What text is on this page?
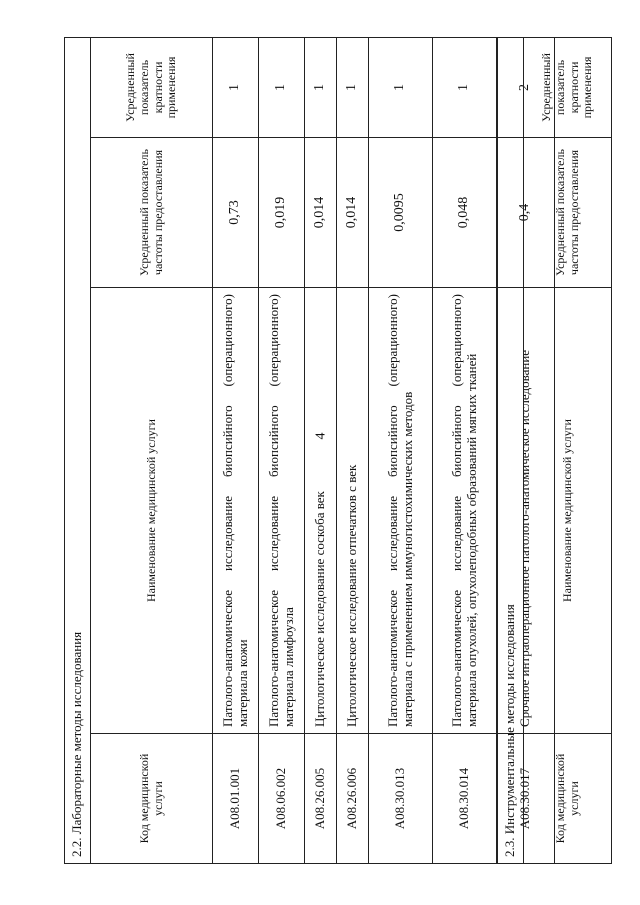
4
2.2. Лабораторные методы исследования			
Код медицинской услуги	Наименование медицинской услуги	Усредненный показатель частоты предоставления	Усредненный показатель кратности применения
A08.01.001	Патолого-анатомическое исследование биопсийного (операционного) материала кожи	0,73	1
A08.06.002	Патолого-анатомическое исследование биопсийного (операционного) материала лимфоузла	0,019	1
A08.26.005	Цитологическое исследование соскоба век	0,014	1
A08.26.006	Цитологическое исследование отпечатков с век	0,014	1
A08.30.013	Патолого-анатомическое исследование биопсийного (операционного) материала с применением иммуногистохимических методов	0,0095	1
A08.30.014	Патолого-анатомическое исследование биопсийного (операционного) материала опухолей, опухолеподобных образований мягких тканей	0,048	1
A08.30.017	Срочное интраоперационное патолого-анатомическое исследование	0,4	2
2.3. Инструментальные методы исследования
Код медицинской услуги	Наименование медицинской услуги	Усредненный показатель частоты предоставления	Усредненный показатель кратности применения
